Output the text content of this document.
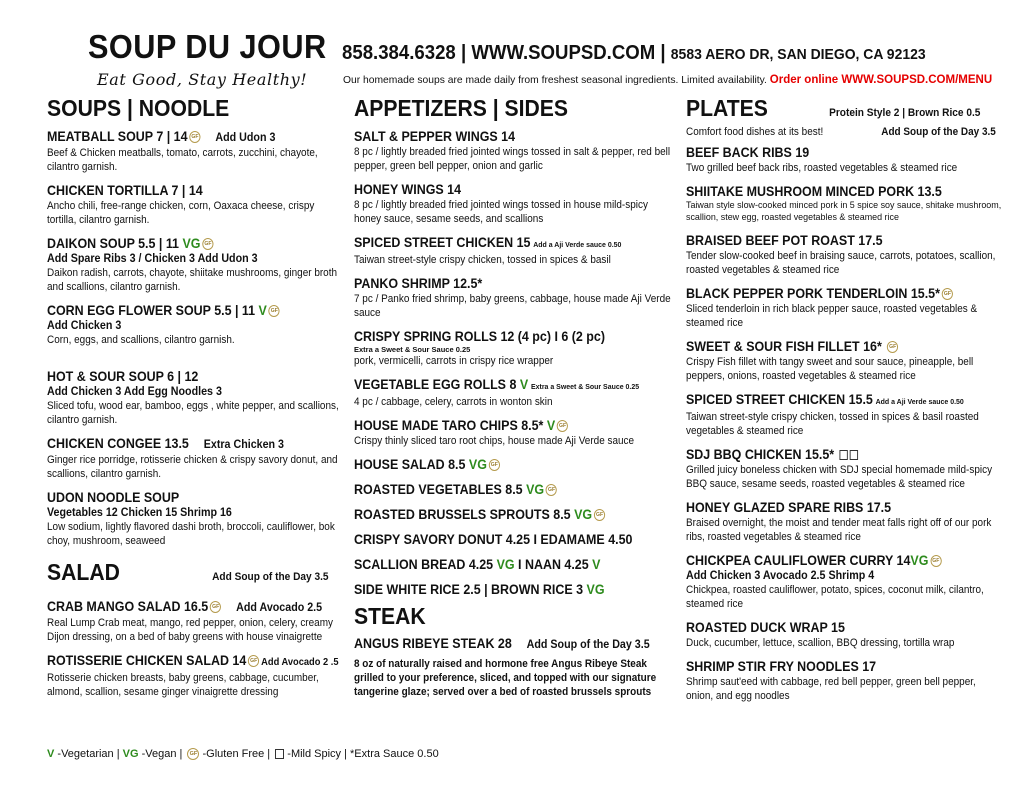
SOUP DU JOUR 858.384.6328 | WWW.SOUPSD.COM | 8583 AERO DR, SAN DIEGO, CA 92123
Eat Good, Stay Healthy!	Our homemade soups are made daily from freshest seasonal ingredients. Limited availability. Order online WWW.SOUPSD.COM/MENU
SOUPS | NOODLE
MEATBALL SOUP 7 | 14 GF Add Udon 3
Beef & Chicken meatballs, tomato, carrots, zucchini, chayote, cilantro garnish.
CHICKEN TORTILLA 7 | 14
Ancho chili, free-range chicken, corn, Oaxaca cheese, crispy tortilla, cilantro garnish.
DAIKON SOUP 5.5 | 11 VG GF
Add Spare Ribs 3 / Chicken 3 Add Udon 3
Daikon radish, carrots, chayote, shiitake mushrooms, ginger broth and scallions, cilantro garnish.
CORN EGG FLOWER SOUP 5.5 | 11 V GF
Add Chicken 3
Corn, eggs, and scallions, cilantro garnish.
HOT & SOUR SOUP 6 | 12
Add Chicken 3 Add Egg Noodles 3
Sliced tofu, wood ear, bamboo, eggs , white pepper, and scallions, cilantro garnish.
CHICKEN CONGEE 13.5 Extra Chicken 3
Ginger rice porridge, rotisserie chicken & crispy savory donut, and scallions, cilantro garnish.
UDON NOODLE SOUP
Vegetables 12 Chicken 15 Shrimp 16
Low sodium, lightly flavored dashi broth, broccoli, cauliflower, bok choy, mushroom, seaweed
SALAD	Add Soup of the Day 3.5
CRAB MANGO SALAD 16.5 GF Add Avocado 2.5
Real Lump Crab meat, mango, red pepper, onion, celery, creamy Dijon dressing, on a bed of baby greens with house vinaigrette
ROTISSERIE CHICKEN SALAD 14 GF Add Avocado 2 .5
Rotisserie chicken breasts, baby greens, cabbage, cucumber, almond, scallion, sesame ginger vinaigrette dressing
APPETIZERS | SIDES
SALT & PEPPER WINGS 14
8 pc / lightly breaded fried jointed wings tossed in salt & pepper, red bell pepper, green bell pepper, onion and garlic
HONEY WINGS 14
8 pc / lightly breaded fried jointed wings tossed in house mild-spicy honey sauce, sesame seeds, and scallions
SPICED STREET CHICKEN 15 Add a Aji Verde sauce 0.50
Taiwan street-style crispy chicken, tossed in spices & basil
PANKO SHRIMP 12.5*
7 pc / Panko fried shrimp, baby greens, cabbage, house made Aji Verde sauce
CRISPY SPRING ROLLS 12 (4 pc) I 6 (2 pc)
Extra a Sweet & Sour Sauce 0.25
pork, vermicelli, carrots in crispy rice wrapper
VEGETABLE EGG ROLLS 8 V Extra a Sweet & Sour Sauce 0.25
4 pc / cabbage, celery, carrots in wonton skin
HOUSE MADE TARO CHIPS 8.5* V GF
Crispy thinly sliced taro root chips, house made Aji Verde sauce
HOUSE SALAD 8.5 VG GF
ROASTED VEGETABLES 8.5 VG GF
ROASTED BRUSSELS SPROUTS 8.5 VG GF
CRISPY SAVORY DONUT 4.25 I EDAMAME 4.50
SCALLION BREAD 4.25 VG I NAAN 4.25 V
SIDE WHITE RICE 2.5 | BROWN RICE 3 VG
STEAK
ANGUS RIBEYE STEAK 28 Add Soup of the Day 3.5
8 oz of naturally raised and hormone free Angus Ribeye Steak grilled to your preference, sliced, and topped with our signature tangerine glaze; served over a bed of roasted brussels sprouts
PLATES	Protein Style 2 | Brown Rice 0.5
Comfort food dishes at its best!	Add Soup of the Day 3.5
BEEF BACK RIBS 19
Two grilled beef back ribs, roasted vegetables & steamed rice
SHIITAKE MUSHROOM MINCED PORK 13.5
Taiwan style slow-cooked minced pork in 5 spice soy sauce, shitake mushroom, scallion, stew egg, roasted vegetables & steamed rice
BRAISED BEEF POT ROAST 17.5
Tender slow-cooked beef in braising sauce, carrots, potatoes, scallion, roasted vegetables & steamed rice
BLACK PEPPER PORK TENDERLOIN 15.5* GF
Sliced tenderloin in rich black pepper sauce, roasted vegetables & steamed rice
SWEET & SOUR FISH FILLET 16* GF
Crispy Fish fillet with tangy sweet and sour sauce, pineapple, bell peppers, onions, roasted vegetables & steamed rice
SPICED STREET CHICKEN 15.5 Add a Aji Verde sauce 0.50
Taiwan street-style crispy chicken, tossed in spices & basil roasted vegetables & steamed rice
SDJ BBQ CHICKEN 15.5*
Grilled juicy boneless chicken with SDJ special homemade mild-spicy BBQ sauce, sesame seeds, roasted vegetables & steamed rice
HONEY GLAZED SPARE RIBS 17.5
Braised overnight, the moist and tender meat falls right off of our pork ribs, roasted vegetables & steamed rice
CHICKPEA CAULIFLOWER CURRY 14VG GF
Add Chicken 3 Avocado 2.5 Shrimp 4
Chickpea, roasted cauliflower, potato, spices, coconut milk, cilantro, steamed rice
ROASTED DUCK WRAP 15
Duck, cucumber, lettuce, scallion, BBQ dressing, tortilla wrap
SHRIMP STIR FRY NOODLES 17
Shrimp saut'eed with cabbage, red bell pepper, green bell pepper, onion, and egg noodles
V -Vegetarian | VG -Vegan | GF -Gluten Free |  -Mild Spicy | *Extra Sauce 0.50
